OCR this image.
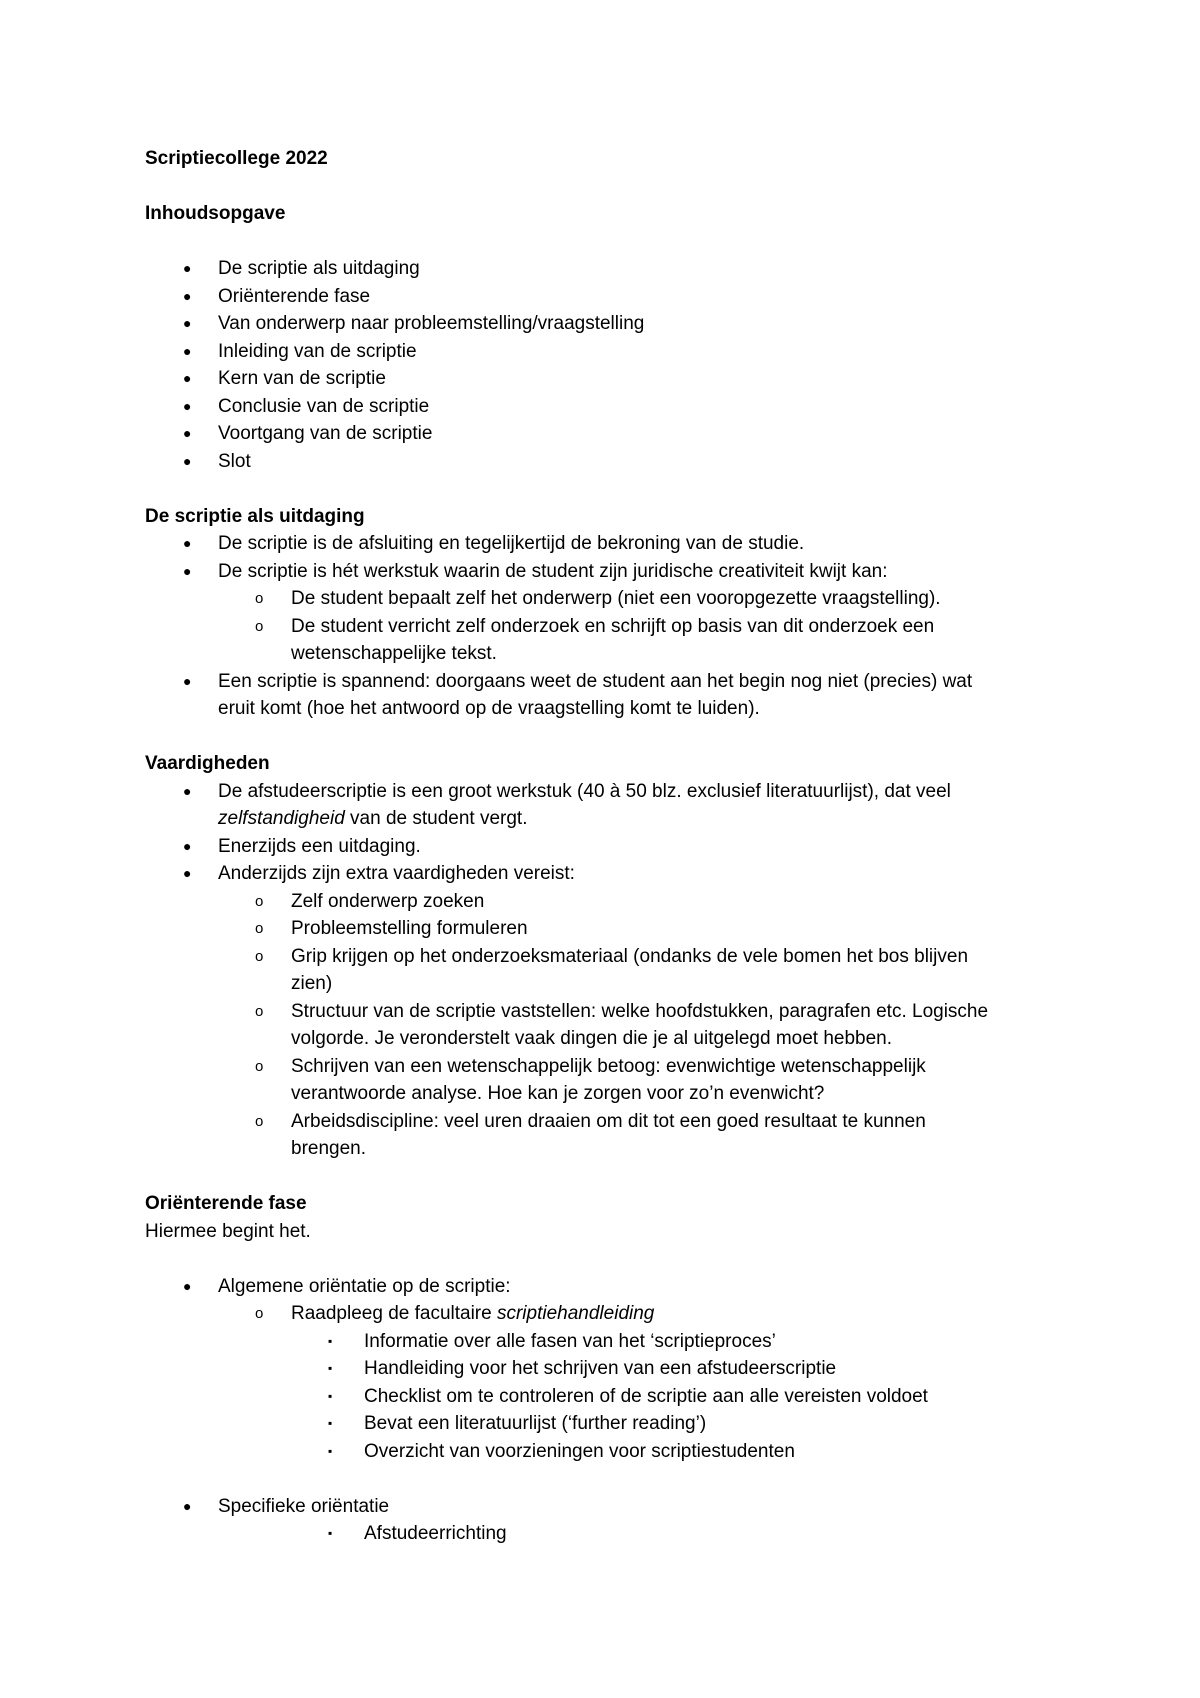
Scriptiecollege 2022
Inhoudsopgave
● De scriptie als uitdaging
● Oriënterende fase
● Van onderwerp naar probleemstelling/vraagstelling
● Inleiding van de scriptie
● Kern van de scriptie
● Conclusie van de scriptie
● Voortgang van de scriptie
● Slot
De scriptie als uitdaging
● De scriptie is de afsluiting en tegelijkertijd de bekroning van de studie.
● De scriptie is hét werkstuk waarin de student zijn juridische creativiteit kwijt kan:
o De student bepaalt zelf het onderwerp (niet een vooropgezette vraagstelling).
o De student verricht zelf onderzoek en schrijft op basis van dit onderzoek een
wetenschappelijke tekst.
● Een scriptie is spannend: doorgaans weet de student aan het begin nog niet (precies) wat
eruit komt (hoe het antwoord op de vraagstelling komt te luiden).
Vaardigheden
● De afstudeerscriptie is een groot werkstuk (40 à 50 blz. exclusief literatuurlijst), dat veel
zelfstandigheid van de student vergt.
● Enerzijds een uitdaging.
● Anderzijds zijn extra vaardigheden vereist:
o Zelf onderwerp zoeken
o Probleemstelling formuleren
o Grip krijgen op het onderzoeksmateriaal (ondanks de vele bomen het bos blijven
zien)
o Structuur van de scriptie vaststellen: welke hoofdstukken, paragrafen etc. Logische
volgorde. Je veronderstelt vaak dingen die je al uitgelegd moet hebben.
o Schrijven van een wetenschappelijk betoog: evenwichtige wetenschappelijk
verantwoorde analyse. Hoe kan je zorgen voor zo’n evenwicht?
o Arbeidsdiscipline: veel uren draaien om dit tot een goed resultaat te kunnen
brengen.
Oriënterende fase
Hiermee begint het.
● Algemene oriëntatie op de scriptie:
o Raadpleeg de facultaire scriptiehandleiding
▪ Informatie over alle fasen van het ‘scriptieproces’
▪ Handleiding voor het schrijven van een afstudeerscriptie
▪ Checklist om te controleren of de scriptie aan alle vereisten voldoet
▪ Bevat een literatuurlijst (‘further reading’)
▪ Overzicht van voorzieningen voor scriptiestudenten
● Specifieke oriëntatie
▪ Afstudeerrichting
